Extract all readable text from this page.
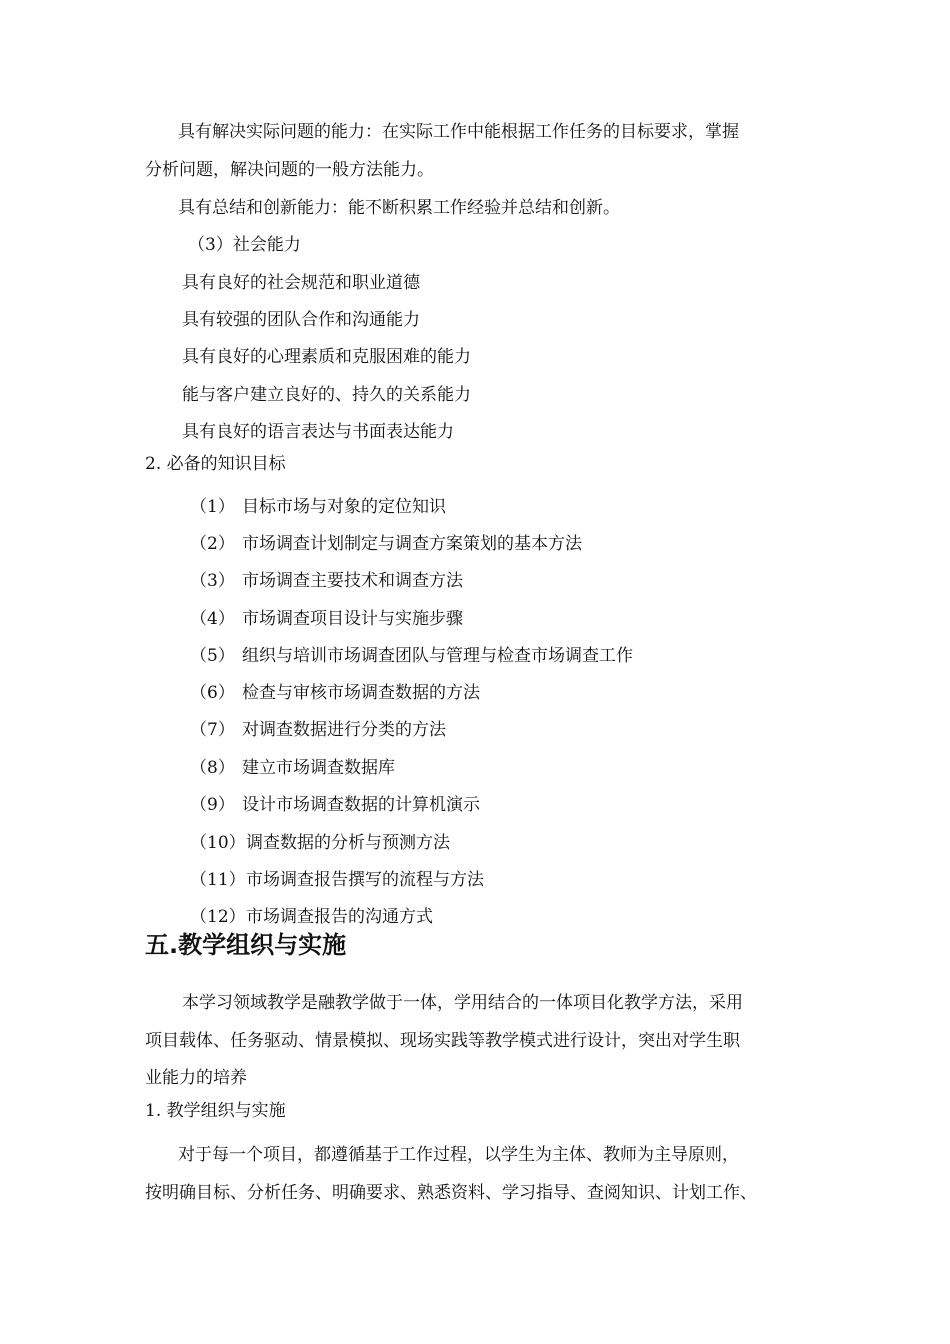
具有解决实际问题的能力：在实际工作中能根据工作任务的目标要求，掌握
分析问题，解决问题的一般方法能力。
具有总结和创新能力：能不断积累工作经验并总结和创新。
（3）社会能力
具有良好的社会规范和职业道德
具有较强的团队合作和沟通能力
具有良好的心理素质和克服困难的能力
能与客户建立良好的、持久的关系能力
具有良好的语言表达与书面表达能力
2. 必备的知识目标
（1） 目标市场与对象的定位知识
（2） 市场调查计划制定与调查方案策划的基本方法
（3） 市场调查主要技术和调查方法
（4） 市场调查项目设计与实施步骤
（5） 组织与培训市场调查团队与管理与检查市场调查工作
（6） 检查与审核市场调查数据的方法
（7） 对调查数据进行分类的方法
（8） 建立市场调查数据库
（9） 设计市场调查数据的计算机演示
（10）调查数据的分析与预测方法
（11）市场调查报告撰写的流程与方法
（12）市场调查报告的沟通方式
五.教学组织与实施
本学习领域教学是融教学做于一体，学用结合的一体项目化教学方法，采用
项目载体、任务驱动、情景模拟、现场实践等教学模式进行设计，突出对学生职
业能力的培养
1. 教学组织与实施
对于每一个项目，都遵循基于工作过程，以学生为主体、教师为主导原则，
按明确目标、分析任务、明确要求、熟悉资料、学习指导、查阅知识、计划工作、
